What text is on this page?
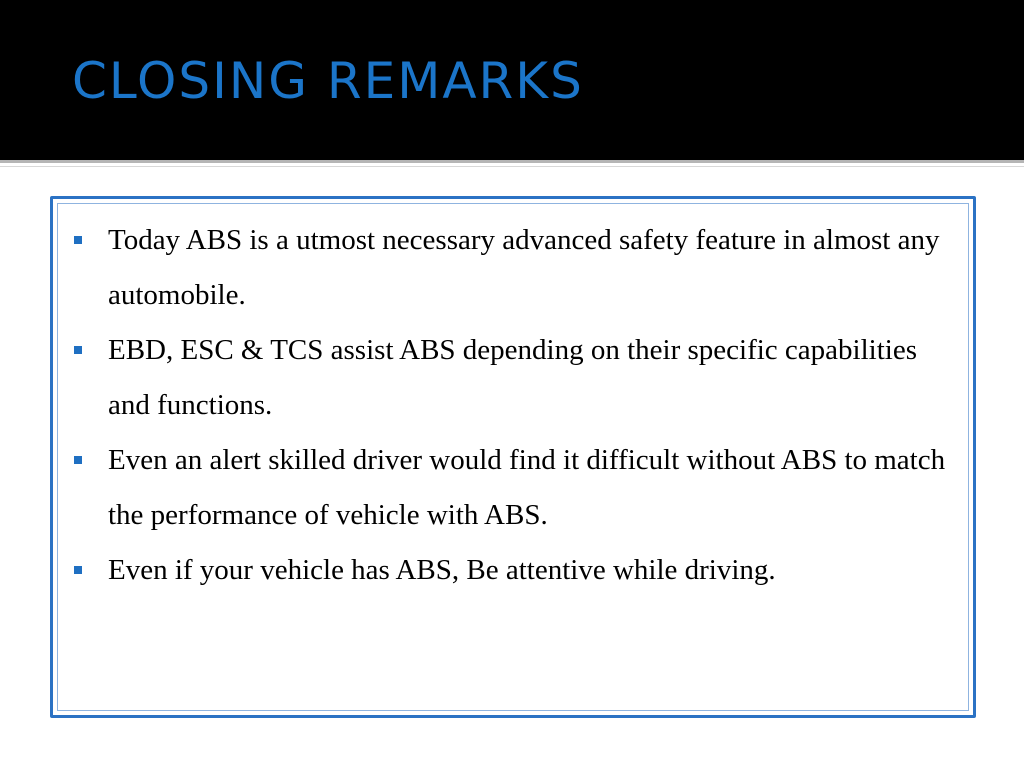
CLOSING REMARKS
Today ABS is a utmost necessary advanced safety feature in almost any automobile.
EBD, ESC & TCS assist ABS depending on their specific capabilities and functions.
Even an alert skilled driver would find it difficult without ABS to match the performance of vehicle with ABS.
Even if your vehicle has ABS, Be attentive while driving.
